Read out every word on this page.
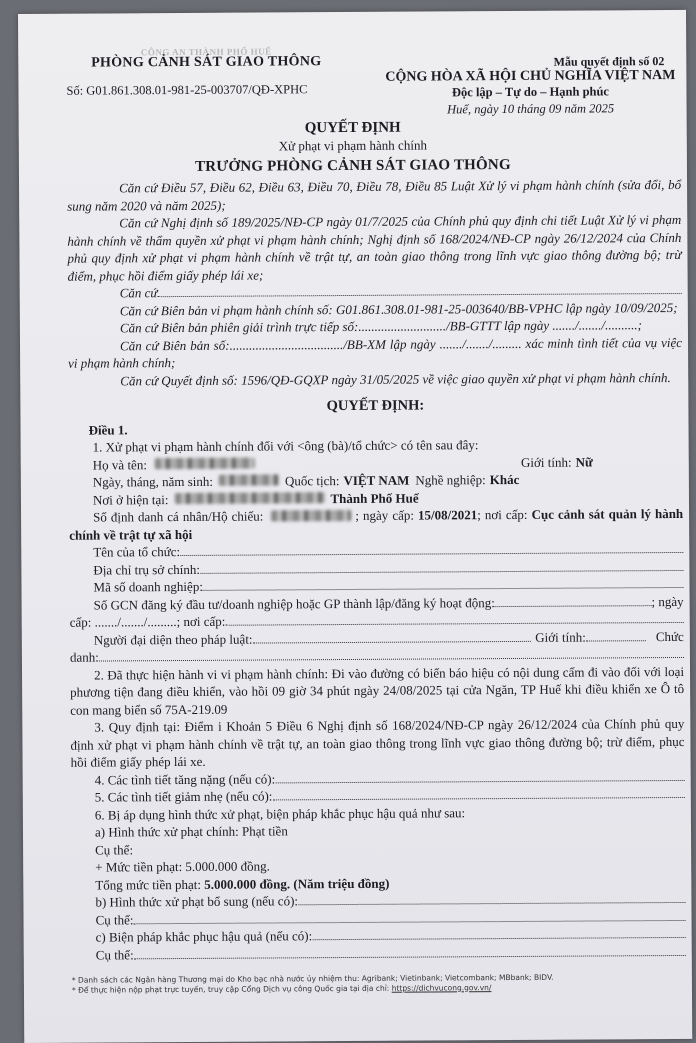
CÔNG AN THÀNH PHỐ HUẾ
PHÒNG CẢNH SÁT GIAO THÔNG
Số: G01.861.308.01-981-25-003707/QĐ-XPHC
Mẫu quyết định số 02
CỘNG HÒA XÃ HỘI CHỦ NGHĨA VIỆT NAM
Độc lập – Tự do – Hạnh phúc
Huế, ngày 10 tháng 09 năm 2025
QUYẾT ĐỊNH
Xử phạt vi phạm hành chính
TRƯỞNG PHÒNG CẢNH SÁT GIAO THÔNG

Căn cứ Điều 57, Điều 62, Điều 63, Điều 70, Điều 78, Điều 85 Luật Xử lý vi phạm hành chính (sửa đổi, bổ sung năm 2020 và năm 2025);

Căn cứ Nghị định số 189/2025/NĐ-CP ngày 01/7/2025 của Chính phủ quy định chi tiết Luật Xử lý vi phạm hành chính về thẩm quyền xử phạt vi phạm hành chính; Nghị định số 168/2024/NĐ-CP ngày 26/12/2024 của Chính phủ quy định xử phạt vi phạm hành chính về trật tự, an toàn giao thông trong lĩnh vực giao thông đường bộ; trừ điểm, phục hồi điểm giấy phép lái xe;

Căn cứ

Căn cứ Biên bản vi phạm hành chính số: G01.861.308.01-981-25-003640/BB-VPHC lập ngày 10/09/2025;

Căn cứ Biên bản phiên giải trình trực tiếp số:.........................../BB-GTTT lập ngày ......./......./..........;

Căn cứ Biên bản số:.................................../BB-XM lập ngày ......./......./......... xác minh tình tiết của vụ việc vi phạm hành chính;

Căn cứ Quyết định số: 1596/QĐ-GQXP ngày 31/05/2025 về việc giao quyền xử phạt vi phạm hành chính.

QUYẾT ĐỊNH:

Điều 1.

1. Xử phạt vi phạm hành chính đối với <ông (bà)/tổ chức> có tên sau đây:

Họ và tên:	Giới tính: Nữ
Ngày, tháng, năm sinh:	Quốc tịch: VIỆT NAM Nghề nghiệp: Khác
Nơi ở hiện tại:	Thành Phố Huế

Số định danh cá nhân/Hộ chiếu:	; ngày cấp: 15/08/2021; nơi cấp: Cục cảnh sát quản lý hành chính về trật tự xã hội

Tên của tổ chức:
Địa chỉ trụ sở chính:
Mã số doanh nghiệp:
Số GCN đăng ký đầu tư/doanh nghiệp hoặc GP thành lập/đăng ký hoạt động:	; ngày
cấp: ......./......./.........; nơi cấp:
Người đại diện theo pháp luật:	Giới tính:	Chức
danh:

2. Đã thực hiện hành vi vi phạm hành chính: Đi vào đường có biển báo hiệu có nội dung cấm đi vào đối với loại phương tiện đang điều khiển, vào hồi 09 giờ 34 phút ngày 24/08/2025 tại cửa Ngăn, TP Huế khi điều khiển xe Ô tô con mang biển số 75A-219.09

3. Quy định tại: Điểm i Khoản 5 Điều 6 Nghị định số 168/2024/NĐ-CP ngày 26/12/2024 của Chính phủ quy định xử phạt vi phạm hành chính về trật tự, an toàn giao thông trong lĩnh vực giao thông đường bộ; trừ điểm, phục hồi điểm giấy phép lái xe.

4. Các tình tiết tăng nặng (nếu có):
5. Các tình tiết giảm nhẹ (nếu có):

6. Bị áp dụng hình thức xử phạt, biện pháp khắc phục hậu quả như sau:

a) Hình thức xử phạt chính: Phạt tiền

Cụ thể:

+ Mức tiền phạt: 5.000.000 đồng.

Tổng mức tiền phạt: 5.000.000 đồng. (Năm triệu đồng)

b) Hình thức xử phạt bổ sung (nếu có):
Cụ thể:
c) Biện pháp khắc phục hậu quả (nếu có):
Cụ thể:
* Danh sách các Ngân hàng Thương mại do Kho bạc nhà nước ủy nhiệm thu: Agribank; Vietinbank; Vietcombank; MBbank; BIDV.
* Để thực hiện nộp phạt trực tuyến, truy cập Cổng Dịch vụ công Quốc gia tại địa chỉ: https://dichvucong.gov.vn/
